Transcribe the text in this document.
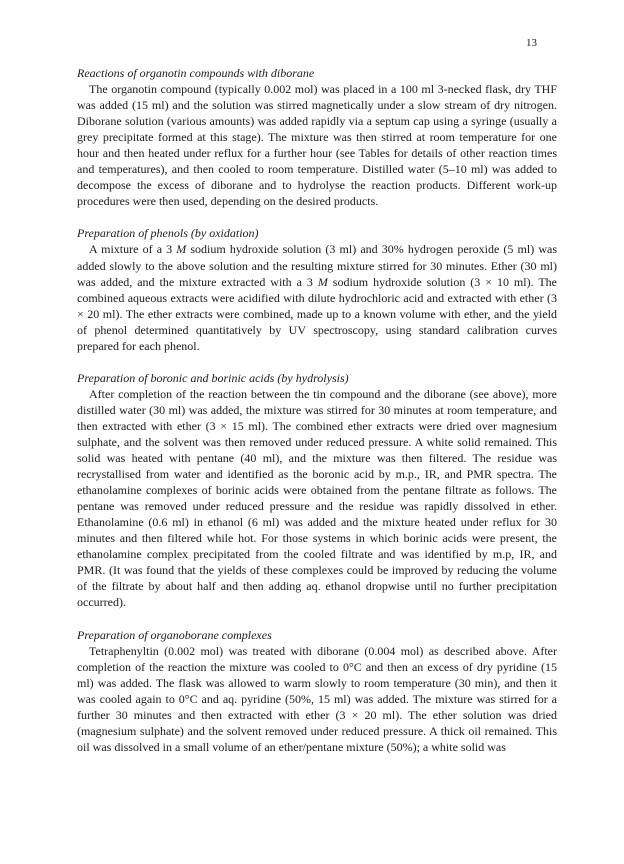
13
Reactions of organotin compounds with diborane

The organotin compound (typically 0.002 mol) was placed in a 100 ml 3-necked flask, dry THF was added (15 ml) and the solution was stirred magnetically under a slow stream of dry nitrogen. Diborane solution (various amounts) was added rapidly via a septum cap using a syringe (usually a grey precipitate formed at this stage). The mixture was then stirred at room temperature for one hour and then heated under reflux for a further hour (see Tables for details of other reaction times and temperatures), and then cooled to room temperature. Distilled water (5–10 ml) was added to decompose the excess of diborane and to hydrolyse the reaction products. Different work-up procedures were then used, depending on the desired products.

Preparation of phenols (by oxidation)

A mixture of a 3 M sodium hydroxide solution (3 ml) and 30% hydrogen peroxide (5 ml) was added slowly to the above solution and the resulting mixture stirred for 30 minutes. Ether (30 ml) was added, and the mixture extracted with a 3 M sodium hydroxide solution (3 × 10 ml). The combined aqueous extracts were acidified with dilute hydrochloric acid and extracted with ether (3 × 20 ml). The ether extracts were combined, made up to a known volume with ether, and the yield of phenol determined quantitatively by UV spectroscopy, using standard calibration curves prepared for each phenol.

Preparation of boronic and borinic acids (by hydrolysis)

After completion of the reaction between the tin compound and the diborane (see above), more distilled water (30 ml) was added, the mixture was stirred for 30 minutes at room temperature, and then extracted with ether (3 × 15 ml). The combined ether extracts were dried over magnesium sulphate, and the solvent was then removed under reduced pressure. A white solid remained. This solid was heated with pentane (40 ml), and the mixture was then filtered. The residue was recrystallised from water and identified as the boronic acid by m.p., IR, and PMR spectra. The ethanolamine complexes of borinic acids were obtained from the pentane filtrate as follows. The pentane was removed under reduced pressure and the residue was rapidly dissolved in ether. Ethanolamine (0.6 ml) in ethanol (6 ml) was added and the mixture heated under reflux for 30 minutes and then filtered while hot. For those systems in which borinic acids were present, the ethanolamine complex precipitated from the cooled filtrate and was identified by m.p, IR, and PMR. (It was found that the yields of these complexes could be improved by reducing the volume of the filtrate by about half and then adding aq. ethanol dropwise until no further precipitation occurred).

Preparation of organoborane complexes

Tetraphenyltin (0.002 mol) was treated with diborane (0.004 mol) as described above. After completion of the reaction the mixture was cooled to 0°C and then an excess of dry pyridine (15 ml) was added. The flask was allowed to warm slowly to room temperature (30 min), and then it was cooled again to 0°C and aq. pyridine (50%, 15 ml) was added. The mixture was stirred for a further 30 minutes and then extracted with ether (3 × 20 ml). The ether solution was dried (magnesium sulphate) and the solvent removed under reduced pressure. A thick oil remained. This oil was dissolved in a small volume of an ether/pentane mixture (50%); a white solid was
